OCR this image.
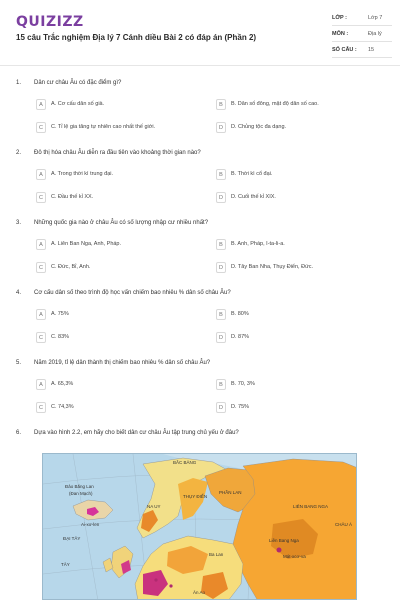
QUIZIZZ
15 câu Trắc nghiệm Địa lý 7 Cánh diều Bài 2 có đáp án (Phần 2)
LỚP :	Lớp 7
MÔN :	Địa lý
SỐ CÂU : 15
1. Dân cư châu Âu có đặc điểm gì?
A	A. Cơ cấu dân số già.	B	B. Dân số đông, mật độ dân số cao.
C	C. Tỉ lệ gia tăng tự nhiên cao nhất thế giới.	D	D. Chủng tộc đa dạng.
2. Đô thị hóa châu Âu diễn ra đầu tiên vào khoảng thời gian nào?
A	A. Trong thời kì trung đại.	B	B. Thời kì cổ đại.
C	C. Đầu thế kỉ XX.	D	D. Cuối thế kỉ XIX.
3. Những quốc gia nào ở châu Âu có số lượng nhập cư nhiều nhất?
A	A. Liên Ban Nga, Anh, Pháp.	B	B. Anh, Pháp, I-ta-li-a.
C	C. Đức, Bỉ, Anh.	D	D. Tây Ban Nha, Thụy Điển, Đức.
4. Cơ cấu dân số theo trình độ học vấn chiếm bao nhiêu % dân số châu Âu?
A	A. 75%	B	B. 80%
C	C. 83%	D	D. 87%
5. Năm 2019, tỉ lệ dân thành thị chiếm bao nhiêu % dân số châu Âu?
A	A. 65,3%	B	B. 70, 3%
C	C. 74,3%	D	D. 75%
6. Dựa vào hình 2.2, em hãy cho biết dân cư châu Âu tập trung chủ yếu ở đâu?
BẮC BĂNG
Đảo Băng Lan
(Đan Mạch)
Ai-xơ-len
ĐẠI TÂY
TÂY
NA UY
THỤY ĐIỂN
PHẦN LAN
LIÊN BANG NGA
CHÂU Á
Ba Lan
Liên Bang Nga
Mát-xcơ-va
Ăn Ao
